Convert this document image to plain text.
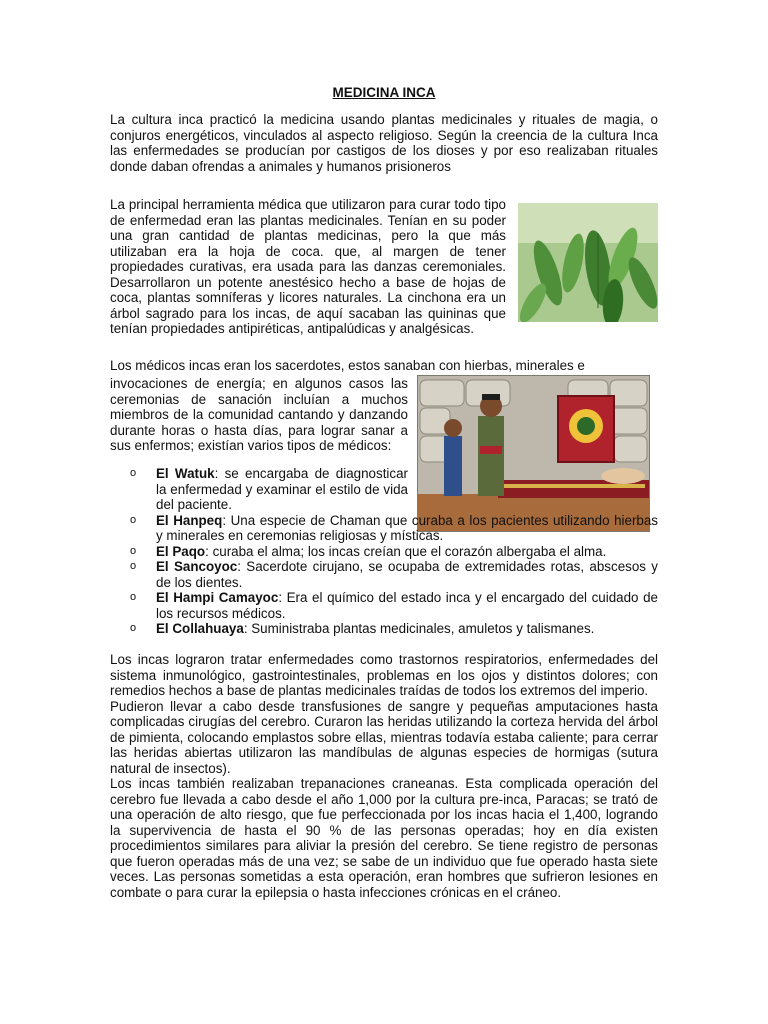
MEDICINA INCA

La cultura inca practicó la medicina usando plantas medicinales y rituales de magia, o conjuros energéticos, vinculados al aspecto religioso. Según la creencia de la cultura Inca las enfermedades se producían por castigos de los dioses y por eso realizaban rituales donde daban ofrendas a animales y humanos prisioneros

La principal herramienta médica que utilizaron para curar todo tipo de enfermedad eran las plantas medicinales. Tenían en su poder una gran cantidad de plantas medicinas, pero la que más utilizaban era la hoja de coca. que, al margen de tener propiedades curativas, era usada para las danzas ceremoniales. Desarrollaron un potente anestésico hecho a base de hojas de coca, plantas somníferas y licores naturales. La cinchona era un árbol sagrado para los incas, de aquí sacaban las quininas que tenían propiedades antipiréticas, antipalúdicas y analgésicas.

Los médicos incas eran los sacerdotes, estos sanaban con hierbas, minerales e

invocaciones de energía; en algunos casos las ceremonias de sanación incluían a muchos miembros de la comunidad cantando y danzando durante horas o hasta días, para lograr sanar a sus enfermos; existían varios tipos de médicos:

o	El Watuk: se encargaba de diagnosticar la enfermedad y examinar el estilo de vida del paciente.
o	El Hanpeq: Una especie de Chaman que curaba a los pacientes utilizando hierbas y minerales en ceremonias religiosas y místicas.
o	El Paqo: curaba el alma; los incas creían que el corazón albergaba el alma.
o	El Sancoyoc: Sacerdote cirujano, se ocupaba de extremidades rotas, abscesos y de los dientes.
o	El Hampi Camayoc: Era el químico del estado inca y el encargado del cuidado de los recursos médicos.
o	El Collahuaya: Suministraba plantas medicinales, amuletos y talismanes.

Los incas lograron tratar enfermedades como trastornos respiratorios, enfermedades del sistema inmunológico, gastrointestinales, problemas en los ojos y distintos dolores; con remedios hechos a base de plantas medicinales traídas de todos los extremos del imperio.

Pudieron llevar a cabo desde transfusiones de sangre y pequeñas amputaciones hasta complicadas cirugías del cerebro. Curaron las heridas utilizando la corteza hervida del árbol de pimienta, colocando emplastos sobre ellas, mientras todavía estaba caliente; para cerrar las heridas abiertas utilizaron las mandíbulas de algunas especies de hormigas (sutura natural de insectos).

Los incas también realizaban trepanaciones craneanas. Esta complicada operación del cerebro fue llevada a cabo desde el año 1,000 por la cultura pre-inca, Paracas; se trató de una operación de alto riesgo, que fue perfeccionada por los incas hacia el 1,400, logrando la supervivencia de hasta el 90 % de las personas operadas; hoy en día existen procedimientos similares para aliviar la presión del cerebro. Se tiene registro de personas que fueron operadas más de una vez; se sabe de un individuo que fue operado hasta siete veces. Las personas sometidas a esta operación, eran hombres que sufrieron lesiones en combate o para curar la epilepsia o hasta infecciones crónicas en el cráneo.
